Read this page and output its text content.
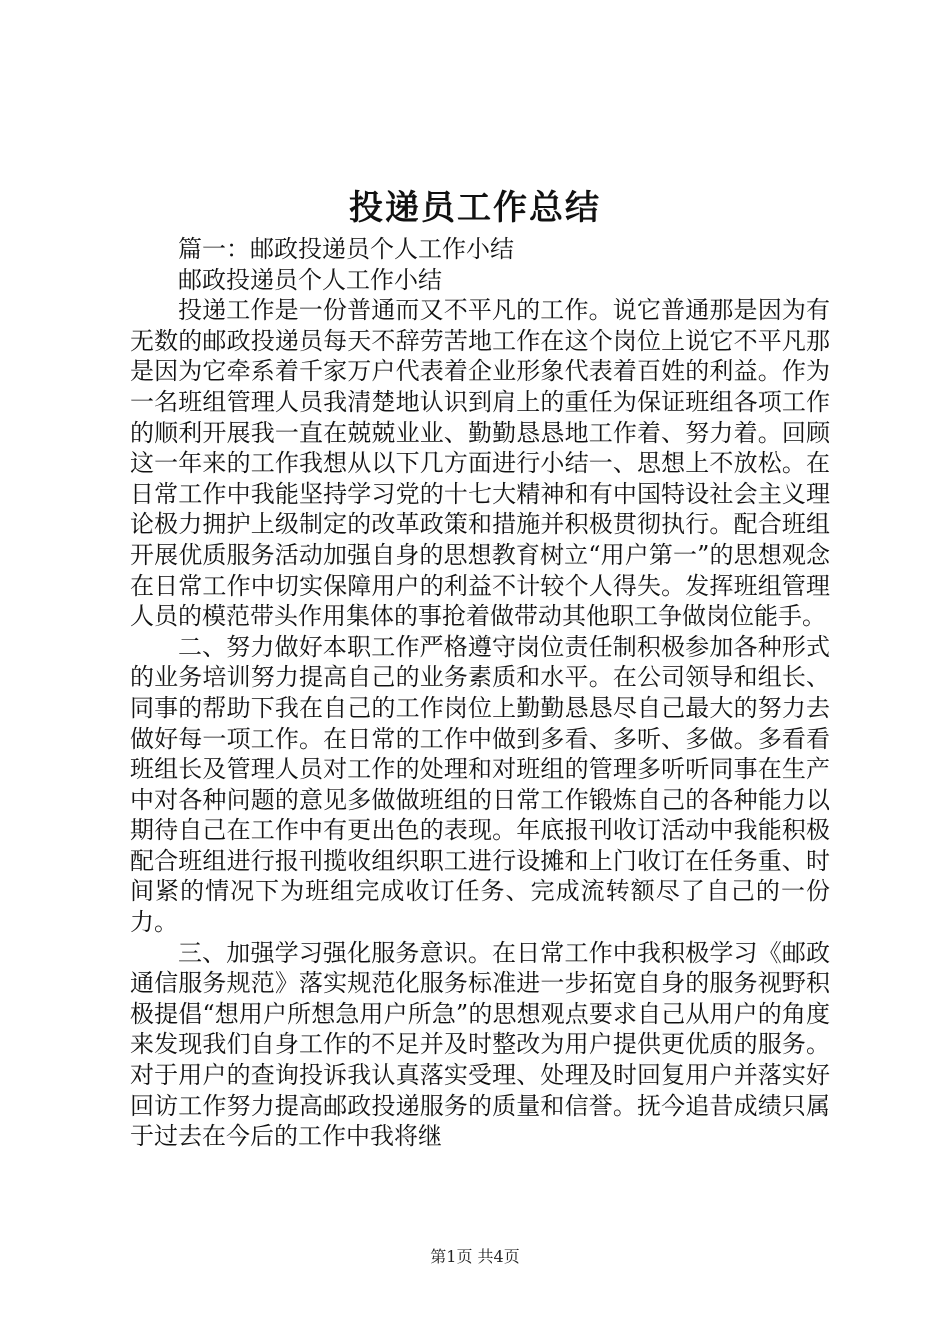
投递员工作总结

篇一：邮政投递员个人工作小结

邮政投递员个人工作小结

投递工作是一份普通而又不平凡的工作。说它普通那是因为有无数的邮政投递员每天不辞劳苦地工作在这个岗位上说它不平凡那是因为它牵系着千家万户代表着企业形象代表着百姓的利益。作为一名班组管理人员我清楚地认识到肩上的重任为保证班组各项工作的顺利开展我一直在兢兢业业、勤勤恳恳地工作着、努力着。回顾这一年来的工作我想从以下几方面进行小结一、思想上不放松。在日常工作中我能坚持学习党的十七大精神和有中国特设社会主义理论极力拥护上级制定的改革政策和措施并积极贯彻执行。配合班组开展优质服务活动加强自身的思想教育树立“用户第一”的思想观念在日常工作中切实保障用户的利益不计较个人得失。发挥班组管理人员的模范带头作用集体的事抢着做带动其他职工争做岗位能手。

二、努力做好本职工作严格遵守岗位责任制积极参加各种形式的业务培训努力提高自己的业务素质和水平。在公司领导和组长、同事的帮助下我在自己的工作岗位上勤勤恳恳尽自己最大的努力去做好每一项工作。在日常的工作中做到多看、多听、多做。多看看班组长及管理人员对工作的处理和对班组的管理多听听同事在生产中对各种问题的意见多做做班组的日常工作锻炼自己的各种能力以期待自己在工作中有更出色的表现。年底报刊收订活动中我能积极配合班组进行报刊揽收组织职工进行设摊和上门收订在任务重、时间紧的情况下为班组完成收订任务、完成流转额尽了自己的一份力。

三、加强学习强化服务意识。在日常工作中我积极学习《邮政通信服务规范》落实规范化服务标准进一步拓宽自身的服务视野积极提倡“想用户所想急用户所急”的思想观点要求自己从用户的角度来发现我们自身工作的不足并及时整改为用户提供更优质的服务。对于用户的查询投诉我认真落实受理、处理及时回复用户并落实好回访工作努力提高邮政投递服务的质量和信誉。抚今追昔成绩只属于过去在今后的工作中我将继

第1页 共4页
